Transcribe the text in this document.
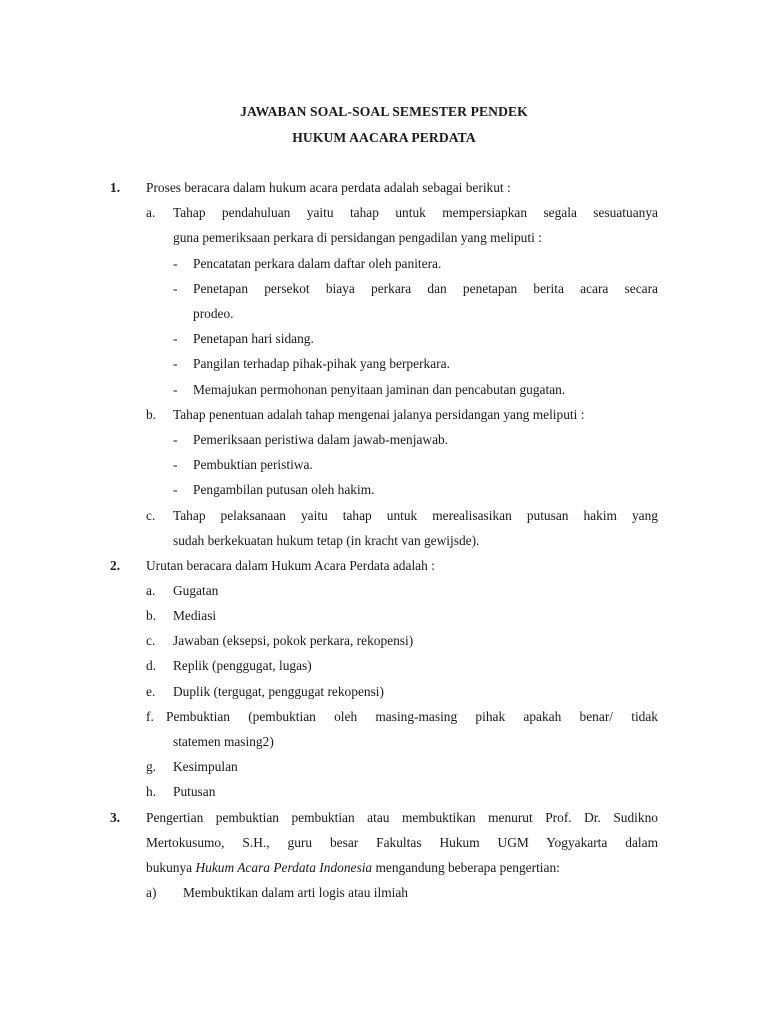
JAWABAN SOAL-SOAL SEMESTER PENDEK
HUKUM AACARA PERDATA
1. Proses beracara dalam hukum acara perdata adalah sebagai berikut :
a. Tahap pendahuluan yaitu tahap untuk mempersiapkan segala sesuatuanya
guna pemeriksaan perkara di persidangan pengadilan yang meliputi :
- Pencatatan perkara dalam daftar oleh panitera.
- Penetapan persekot biaya perkara dan penetapan berita acara secara
prodeo.
- Penetapan hari sidang.
- Pangilan terhadap pihak-pihak yang berperkara.
- Memajukan permohonan penyitaan jaminan dan pencabutan gugatan.
b. Tahap penentuan adalah tahap mengenai jalanya persidangan yang meliputi :
- Pemeriksaan peristiwa dalam jawab-menjawab.
- Pembuktian peristiwa.
- Pengambilan putusan oleh hakim.
c. Tahap pelaksanaan yaitu tahap untuk merealisasikan putusan hakim yang
sudah berkekuatan hukum tetap (in kracht van gewijsde).
2. Urutan beracara dalam Hukum Acara Perdata adalah :
a. Gugatan
b. Mediasi
c. Jawaban (eksepsi, pokok perkara, rekopensi)
d. Replik (penggugat, lugas)
e. Duplik (tergugat, penggugat rekopensi)
f. Pembuktian (pembuktian oleh masing-masing pihak apakah benar/ tidak
statemen masing2)
g. Kesimpulan
h. Putusan
3. Pengertian pembuktian pembuktian atau membuktikan menurut Prof. Dr. Sudikno
Mertokusumo, S.H., guru besar Fakultas Hukum UGM Yogyakarta dalam
bukunya Hukum Acara Perdata Indonesia mengandung beberapa pengertian:
a) Membuktikan dalam arti logis atau ilmiah
